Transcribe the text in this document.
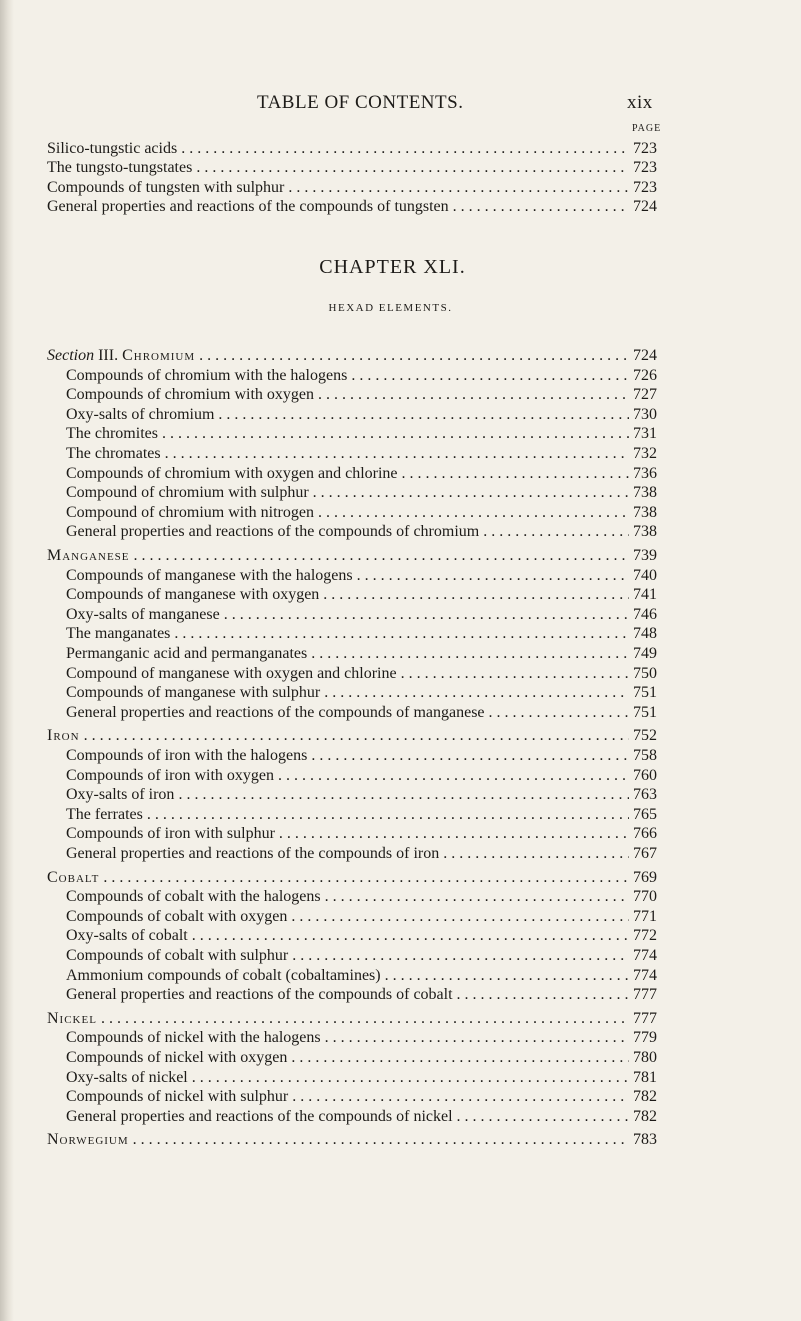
TABLE OF CONTENTS.	xix
PAGE
Silico-tungstic acids . . .	723
The tungsto-tungstates . . .	723
Compounds of tungsten with sulphur . . .	723
General properties and reactions of the compounds of tungsten . . .	724
CHAPTER XLI.
HEXAD ELEMENTS.
Section III. Chromium . . .	724
Compounds of chromium with the halogens . . .	726
Compounds of chromium with oxygen . . .	727
Oxy-salts of chromium . . .	730
The chromites . . .	731
The chromates . . .	732
Compounds of chromium with oxygen and chlorine . . .	736
Compound of chromium with sulphur . . .	738
Compound of chromium with nitrogen . . .	738
General properties and reactions of the compounds of chromium . . .	738
Manganese . . .	739
Compounds of manganese with the halogens . . .	740
Compounds of manganese with oxygen . . .	741
Oxy-salts of manganese . . .	746
The manganates . . .	748
Permanganic acid and permanganates . . .	749
Compound of manganese with oxygen and chlorine . . .	750
Compounds of manganese with sulphur . . .	751
General properties and reactions of the compounds of manganese . . .	751
Iron . . .	752
Compounds of iron with the halogens . . .	758
Compounds of iron with oxygen . . .	760
Oxy-salts of iron . . .	763
The ferrates . . .	765
Compounds of iron with sulphur . . .	766
General properties and reactions of the compounds of iron . . .	767
Cobalt . . .	769
Compounds of cobalt with the halogens . . .	770
Compounds of cobalt with oxygen . . .	771
Oxy-salts of cobalt . . .	772
Compounds of cobalt with sulphur . . .	774
Ammonium compounds of cobalt (cobaltamines) . . .	774
General properties and reactions of the compounds of cobalt . . .	777
Nickel . . .	777
Compounds of nickel with the halogens . . .	779
Compounds of nickel with oxygen . . .	780
Oxy-salts of nickel . . .	781
Compounds of nickel with sulphur . . .	782
General properties and reactions of the compounds of nickel . . .	782
Norwegium . . .	783
